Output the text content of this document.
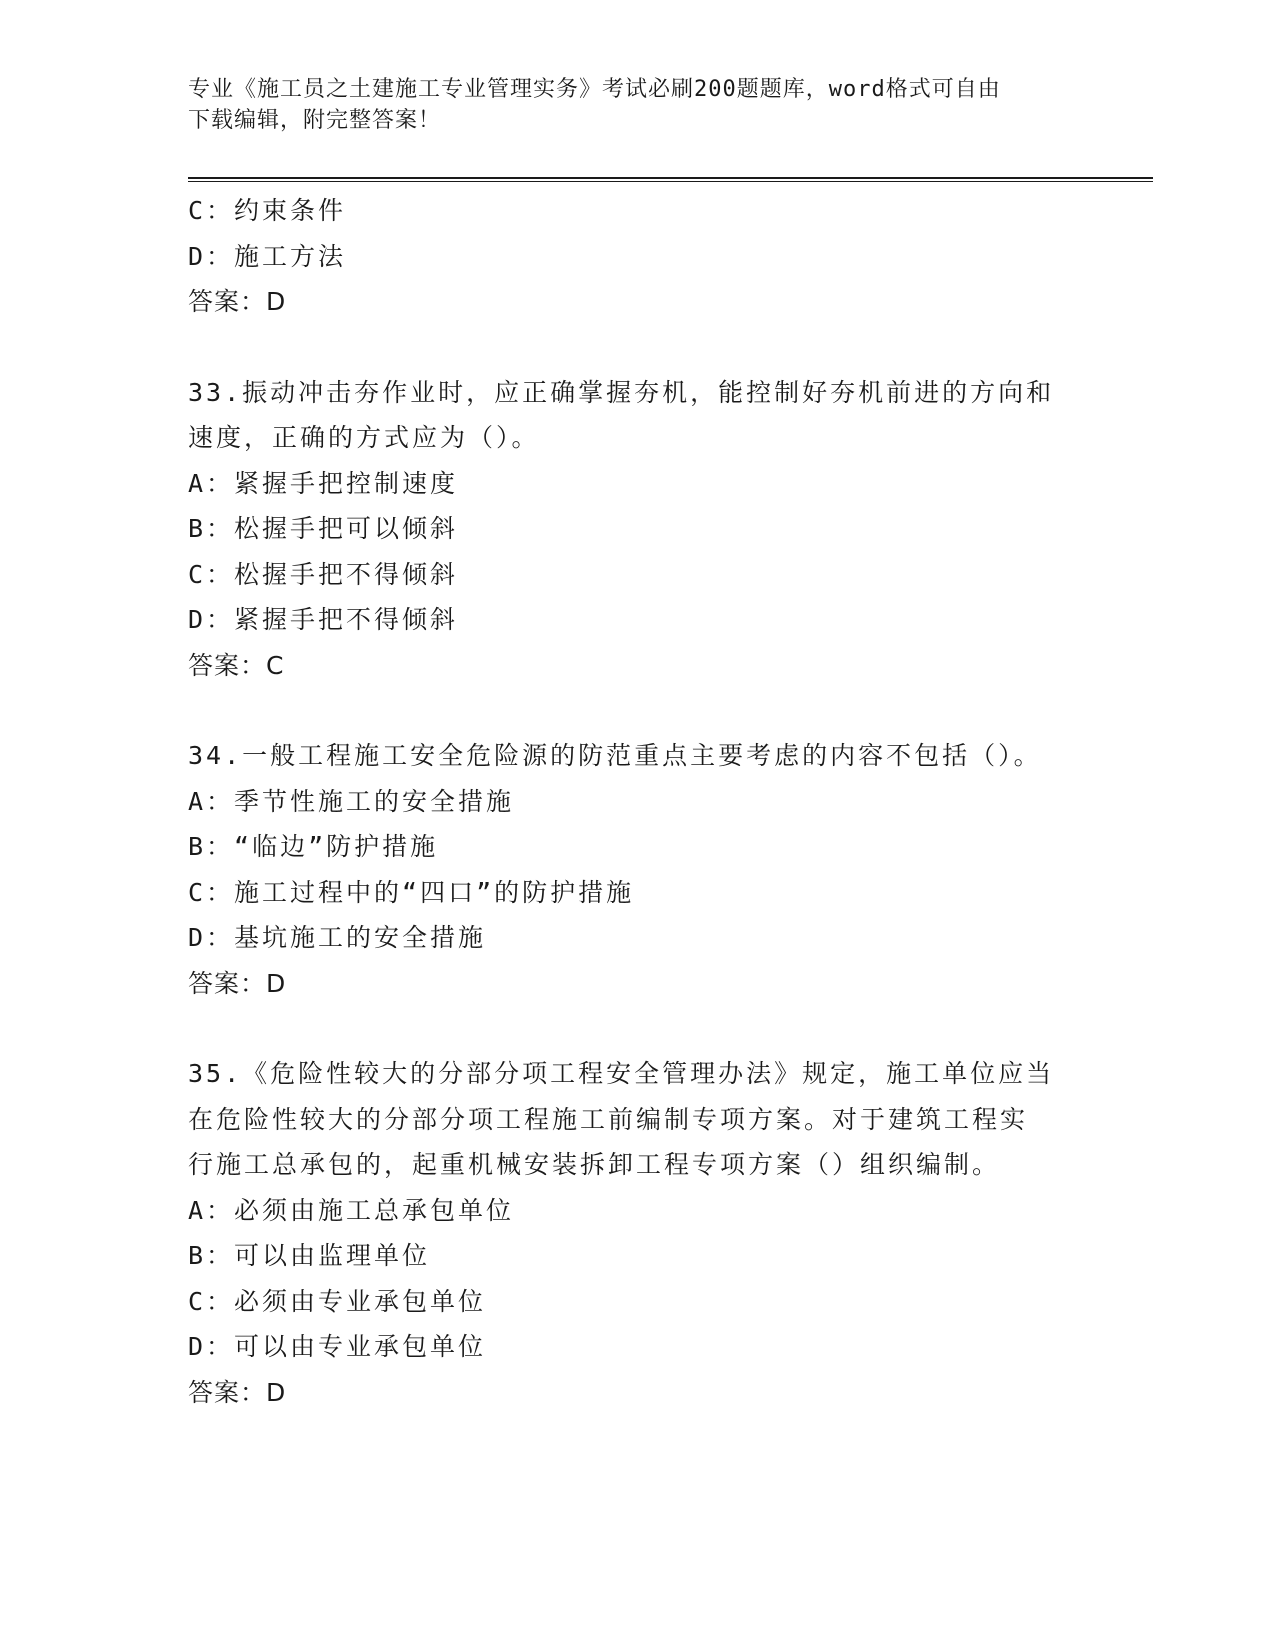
专业《施工员之土建施工专业管理实务》考试必刷200题题库，word格式可自由
下载编辑，附完整答案！
C：约束条件
D：施工方法
答案：D
33.振动冲击夯作业时，应正确掌握夯机，能控制好夯机前进的方向和
速度，正确的方式应为（）。
A：紧握手把控制速度
B：松握手把可以倾斜
C：松握手把不得倾斜
D：紧握手把不得倾斜
答案：C
34.一般工程施工安全危险源的防范重点主要考虑的内容不包括（）。
A：季节性施工的安全措施
B：“临边”防护措施
C：施工过程中的“四口”的防护措施
D：基坑施工的安全措施
答案：D
35.《危险性较大的分部分项工程安全管理办法》规定，施工单位应当
在危险性较大的分部分项工程施工前编制专项方案。对于建筑工程实
行施工总承包的，起重机械安装拆卸工程专项方案（）组织编制。
A：必须由施工总承包单位
B：可以由监理单位
C：必须由专业承包单位
D：可以由专业承包单位
答案：D
